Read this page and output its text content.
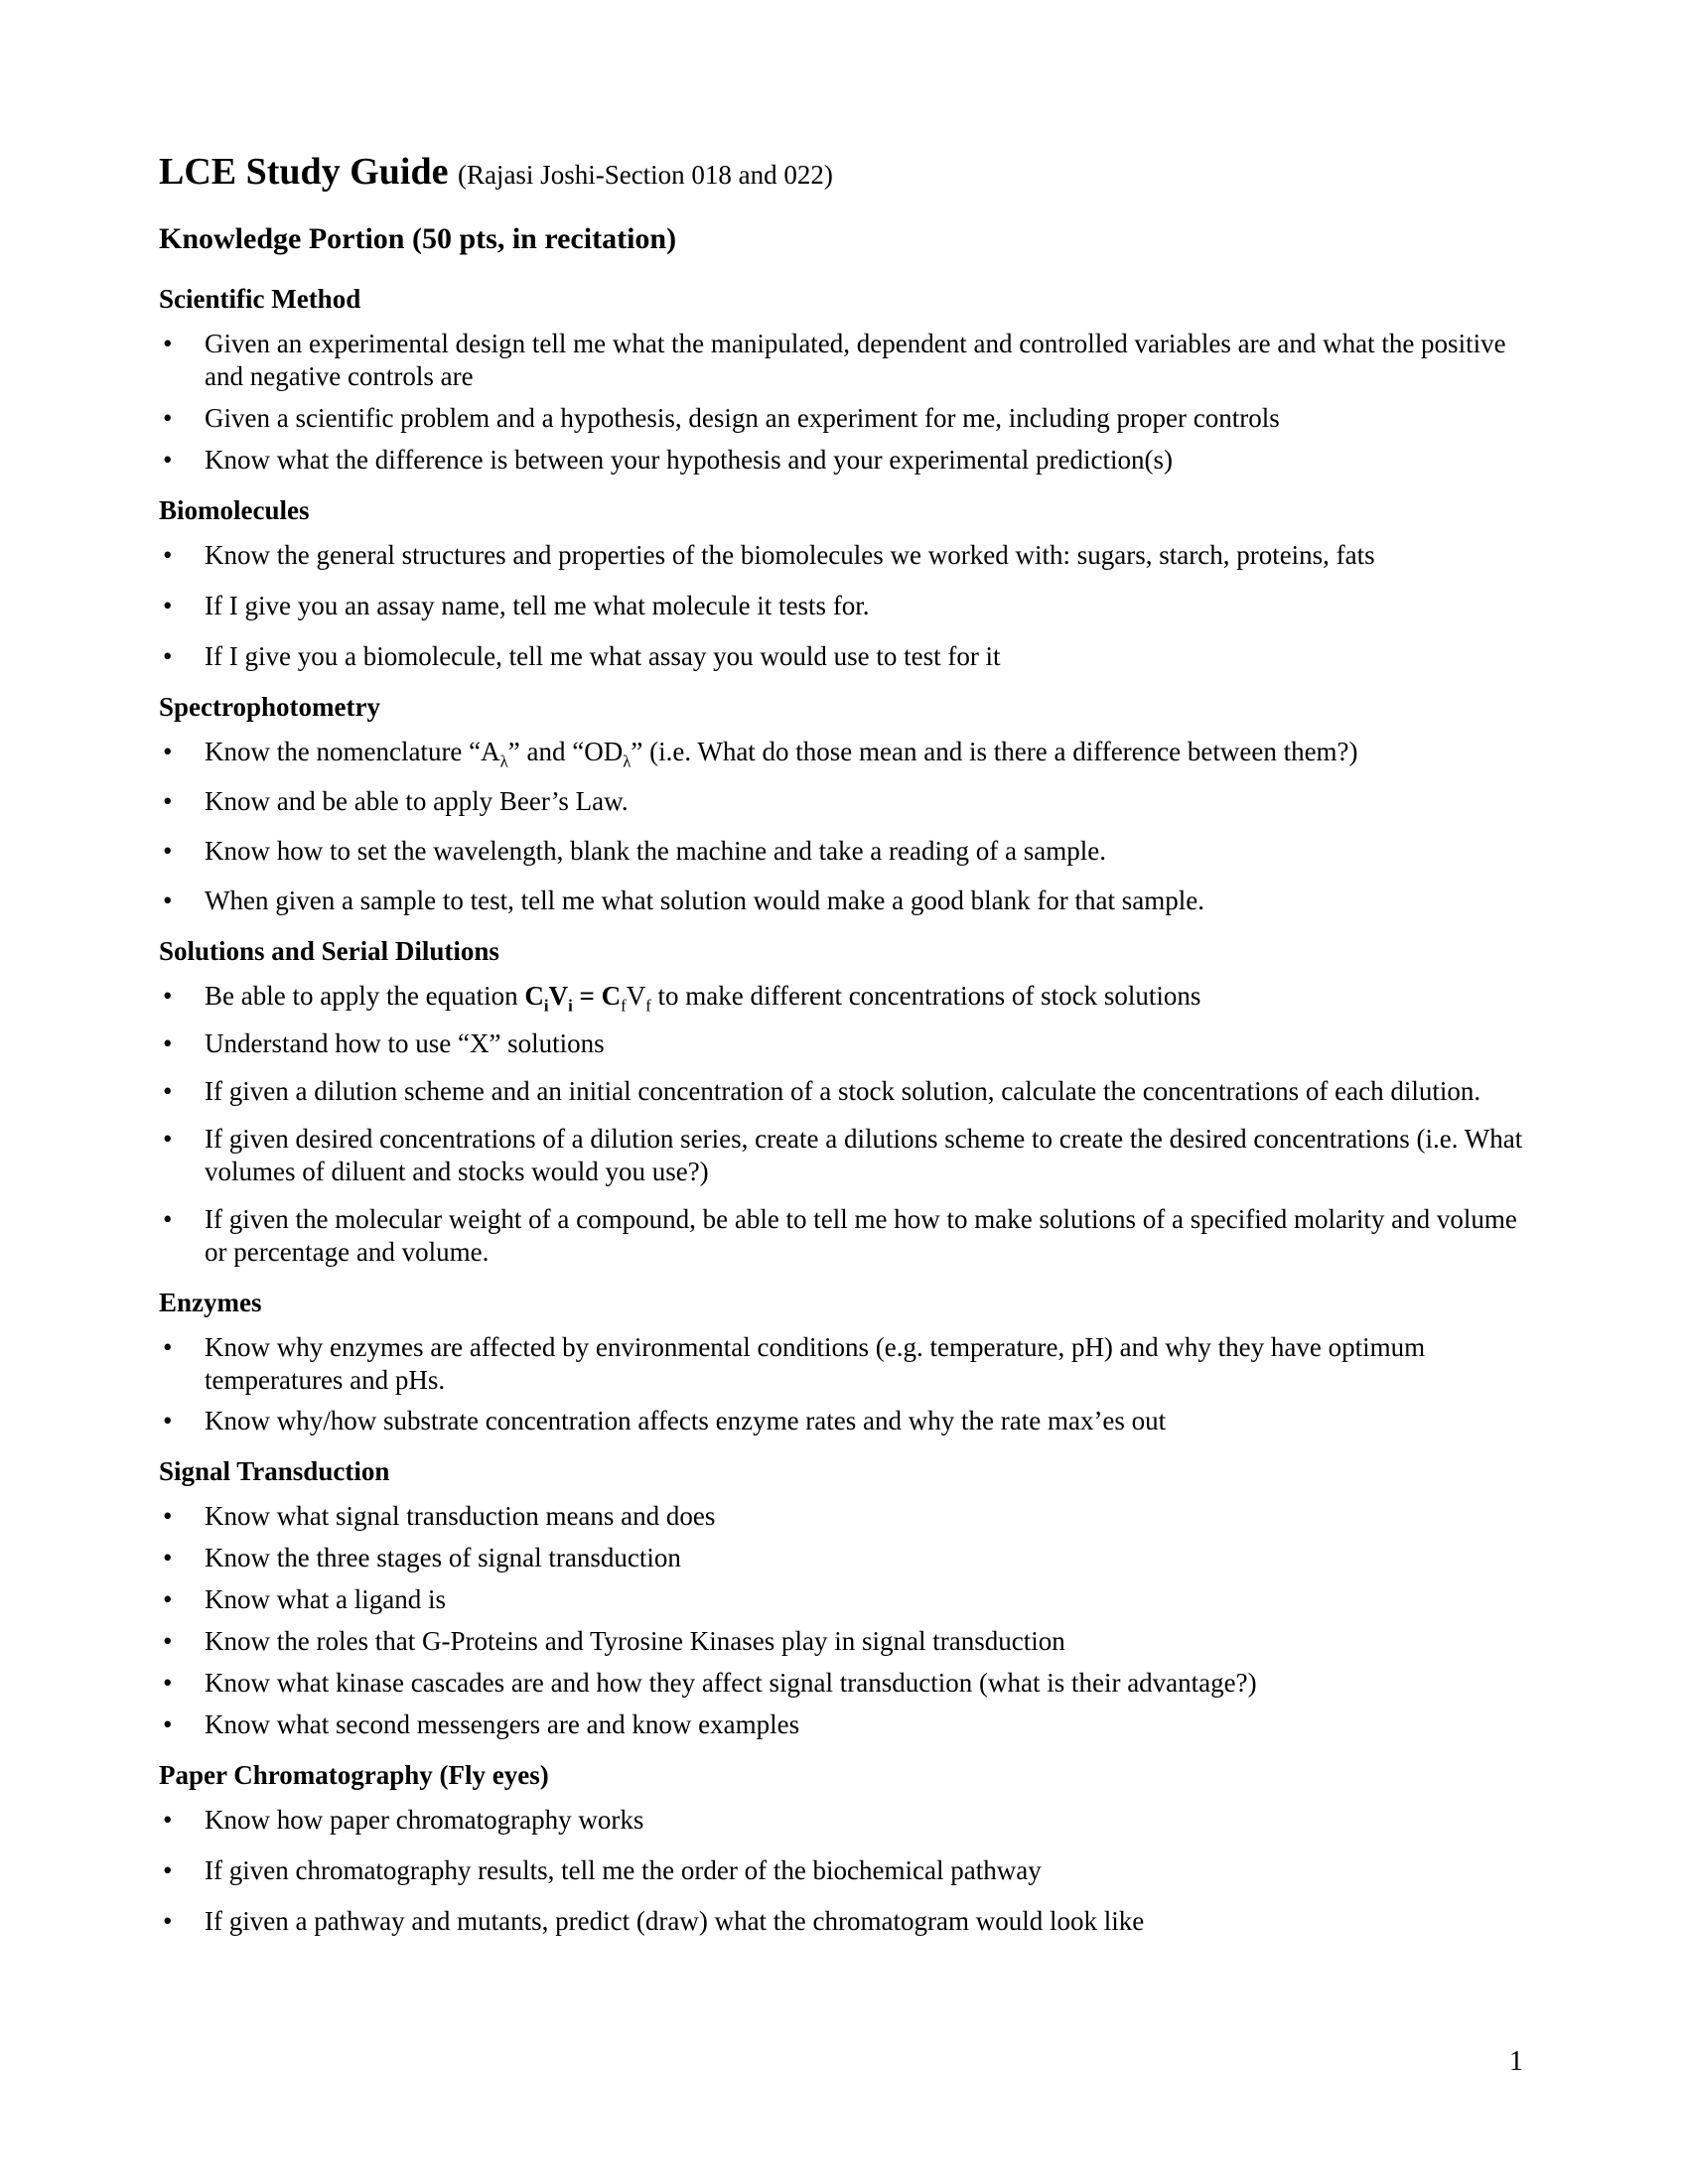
LCE Study Guide (Rajasi Joshi-Section 018 and 022)
Knowledge Portion (50 pts, in recitation)
Scientific Method
• Given an experimental design tell me what the manipulated, dependent and controlled variables are and what the positive and negative controls are
• Given a scientific problem and a hypothesis, design an experiment for me, including proper controls
• Know what the difference is between your hypothesis and your experimental prediction(s)
Biomolecules
• Know the general structures and properties of the biomolecules we worked with: sugars, starch, proteins, fats
• If I give you an assay name, tell me what molecule it tests for.
• If I give you a biomolecule, tell me what assay you would use to test for it
Spectrophotometry
• Know the nomenclature “$A_\lambda$” and “$OD_\lambda$” (i.e. What do those mean and is there a difference between them?)
• Know and be able to apply Beer’s Law.
• Know how to set the wavelength, blank the machine and take a reading of a sample.
• When given a sample to test, tell me what solution would make a good blank for that sample.
Solutions and Serial Dilutions
• Be able to apply the equation $C_iV_i = C_fV_f$ to make different concentrations of stock solutions
• Understand how to use “X” solutions
• If given a dilution scheme and an initial concentration of a stock solution, calculate the concentrations of each dilution.
• If given desired concentrations of a dilution series, create a dilutions scheme to create the desired concentrations (i.e. What volumes of diluent and stocks would you use?)
• If given the molecular weight of a compound, be able to tell me how to make solutions of a specified molarity and volume or percentage and volume.
Enzymes
• Know why enzymes are affected by environmental conditions (e.g. temperature, pH) and why they have optimum temperatures and pHs.
• Know why/how substrate concentration affects enzyme rates and why the rate max’es out
Signal Transduction
• Know what signal transduction means and does
• Know the three stages of signal transduction
• Know what a ligand is
• Know the roles that G-Proteins and Tyrosine Kinases play in signal transduction
• Know what kinase cascades are and how they affect signal transduction (what is their advantage?)
• Know what second messengers are and know examples
Paper Chromatography (Fly eyes)
• Know how paper chromatography works
• If given chromatography results, tell me the order of the biochemical pathway
• If given a pathway and mutants, predict (draw) what the chromatogram would look like
1
